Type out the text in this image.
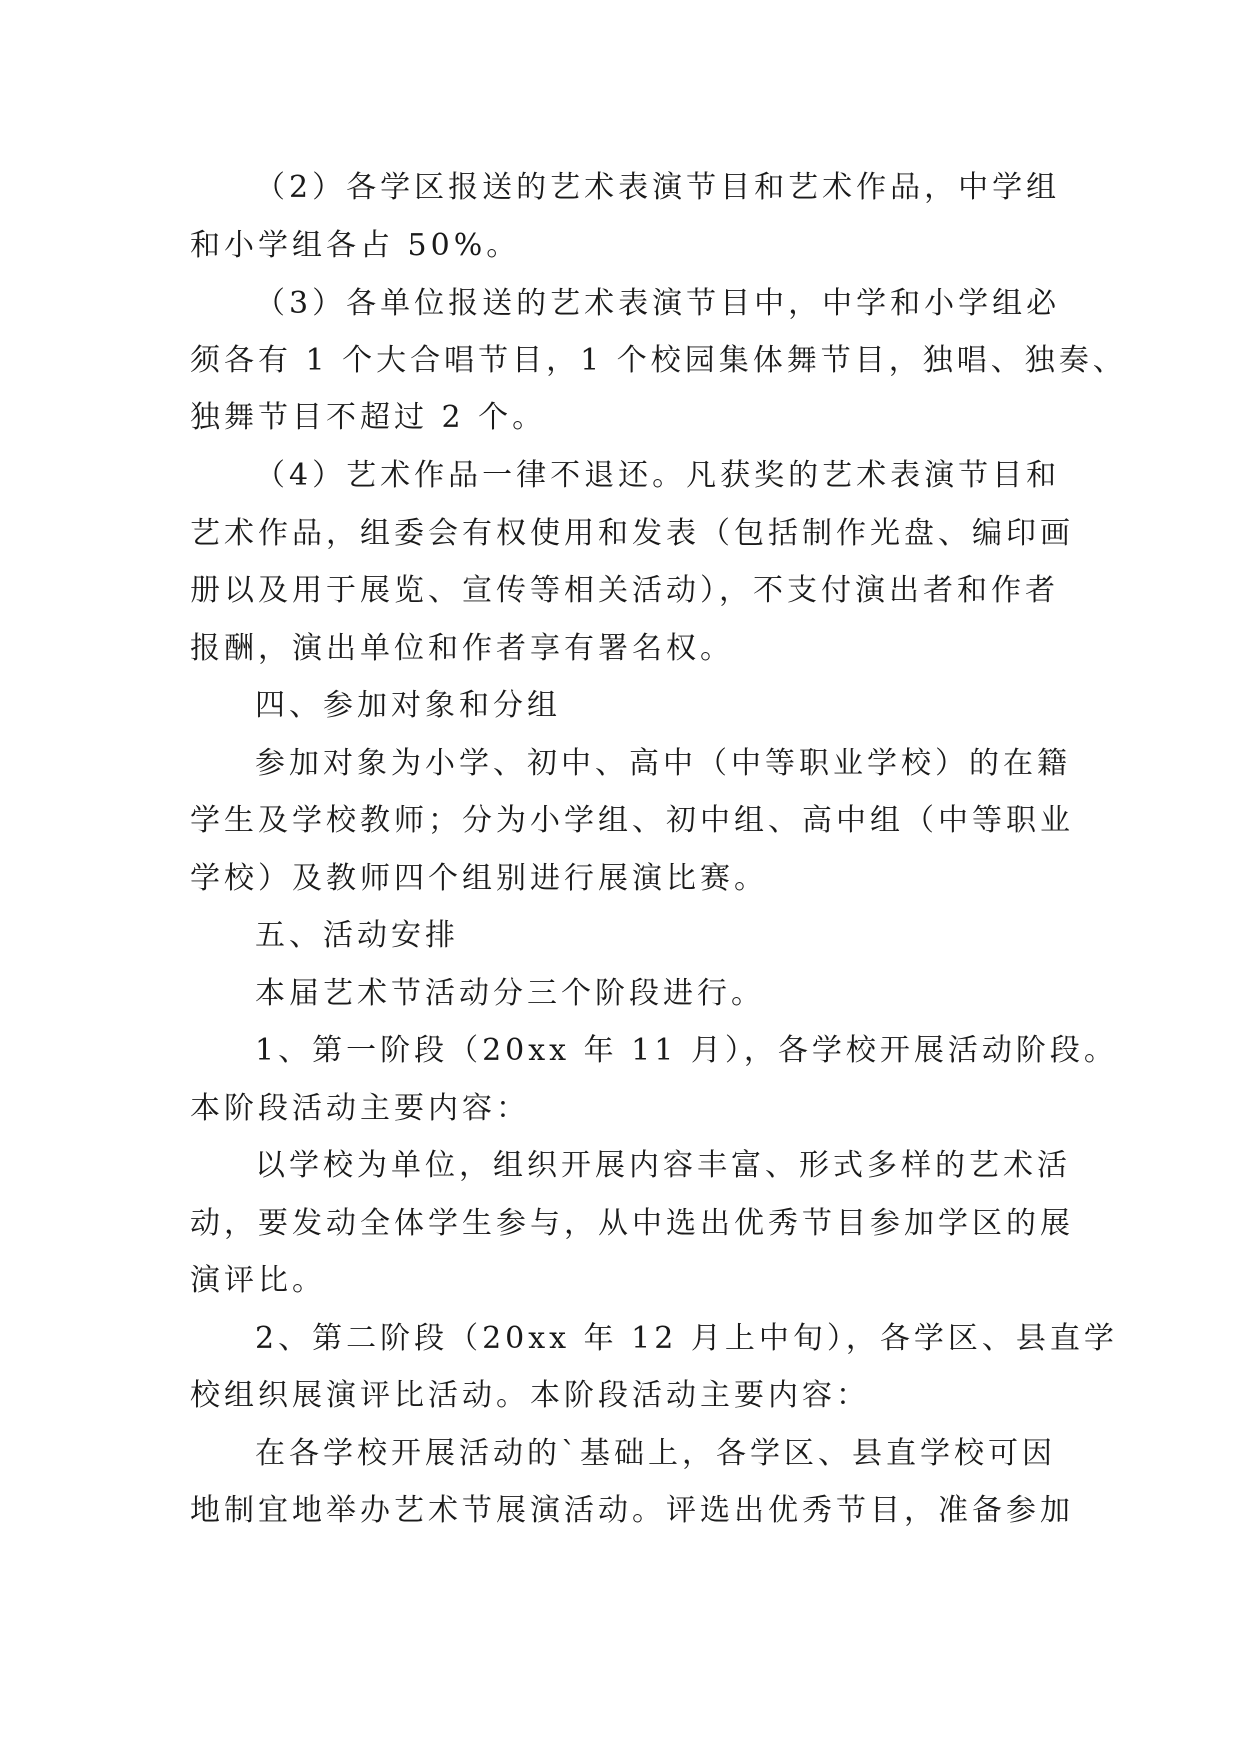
（2）各学区报送的艺术表演节目和艺术作品，中学组
和小学组各占 50%。
（3）各单位报送的艺术表演节目中，中学和小学组必
须各有 1 个大合唱节目，1 个校园集体舞节目，独唱、独奏、
独舞节目不超过 2 个。
（4）艺术作品一律不退还。凡获奖的艺术表演节目和
艺术作品，组委会有权使用和发表（包括制作光盘、编印画
册以及用于展览、宣传等相关活动），不支付演出者和作者
报酬，演出单位和作者享有署名权。
四、参加对象和分组
参加对象为小学、初中、高中（中等职业学校）的在籍
学生及学校教师；分为小学组、初中组、高中组（中等职业
学校）及教师四个组别进行展演比赛。
五、活动安排
本届艺术节活动分三个阶段进行。
1、第一阶段（20xx 年 11 月），各学校开展活动阶段。
本阶段活动主要内容：
以学校为单位，组织开展内容丰富、形式多样的艺术活
动，要发动全体学生参与，从中选出优秀节目参加学区的展
演评比。
2、第二阶段（20xx 年 12 月上中旬），各学区、县直学
校组织展演评比活动。本阶段活动主要内容：
在各学校开展活动的`基础上，各学区、县直学校可因
地制宜地举办艺术节展演活动。评选出优秀节目，准备参加
